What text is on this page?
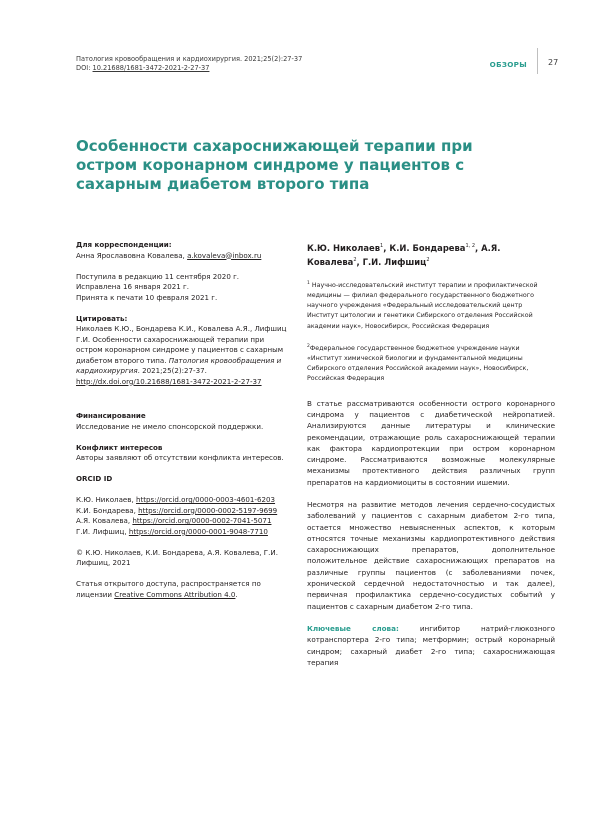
Патология кровообращения и кардиохирургия. 2021;25(2):27-37
DOI: 10.21688/1681-3472-2021-2-27-37	ОБЗОРЫ	27
Особенности сахароснижающей терапии при остром коронарном синдроме у пациентов с сахарным диабетом второго типа
Для корреспонденции:
Анна Ярославовна Ковалева, a.kovaleva@inbox.ru
Поступила в редакцию 11 сентября 2020 г.
Исправлена 16 января 2021 г.
Принята к печати 10 февраля 2021 г.
Цитировать:
Николаев К.Ю., Бондарева К.И., Ковалева А.Я., Лифшиц Г.И. Особенности сахароснижающей терапии при остром коронарном синдроме у пациентов с сахарным диабетом второго типа. Патология кровообращения и кардиохирургия. 2021;25(2):27-37. http://dx.doi.org/10.21688/1681-3472-2021-2-27-37
Финансирование
Исследование не имело спонсорской поддержки.
Конфликт интересов
Авторы заявляют об отсутствии конфликта интересов.
ORCID ID
К.Ю. Николаев, https://orcid.org/0000-0003-4601-6203
К.И. Бондарева, https://orcid.org/0000-0002-5197-9699
А.Я. Ковалева, https://orcid.org/0000-0002-7041-5071
Г.И. Лифшиц, https://orcid.org/0000-0001-9048-7710
© К.Ю. Николаев, К.И. Бондарева, А.Я. Ковалева, Г.И. Лифшиц, 2021
Статья открытого доступа, распространяется по лицензии Creative Commons Attribution 4.0.
К.Ю. Николаев$^1$, К.И. Бондарева$^{1, 2}$, А.Я. Ковалева$^2$, Г.И. Лифшиц$^2$
$^1$ Научно-исследовательский институт терапии и профилактической медицины — филиал федерального государственного бюджетного научного учреждения «Федеральный исследовательский центр Институт цитологии и генетики Сибирского отделения Российской академии наук», Новосибирск, Российская Федерация
$^2$Федеральное государственное бюджетное учреждение науки «Институт химической биологии и фундаментальной медицины Сибирского отделения Российской академии наук», Новосибирск, Российская Федерация

В статье рассматриваются особенности острого коронарного синдрома у пациентов с диабетической нейропатией. Анализируются данные литературы и клинические рекомендации, отражающие роль сахароснижающей терапии как фактора кардиопротекции при остром коронарном синдроме. Рассматриваются возможные молекулярные механизмы протективного действия различных групп препаратов на кардиомиоциты в состоянии ишемии.

Несмотря на развитие методов лечения сердечно-сосудистых заболеваний у пациентов с сахарным диабетом 2-го типа, остается множество невыясненных аспектов, к которым относятся точные механизмы кардиопротективного действия сахароснижающих препаратов, дополнительное положительное действие сахароснижающих препаратов на различные группы пациентов (с заболеваниями почек, хронической сердечной недостаточностью и так далее), первичная профилактика сердечно-сосудистых событий у пациентов с сахарным диабетом 2-го типа.

Ключевые слова: ингибитор натрий-глюкозного котранспортера 2-го типа; метформин; острый коронарный синдром; сахарный диабет 2-го типа; сахароснижающая терапия
